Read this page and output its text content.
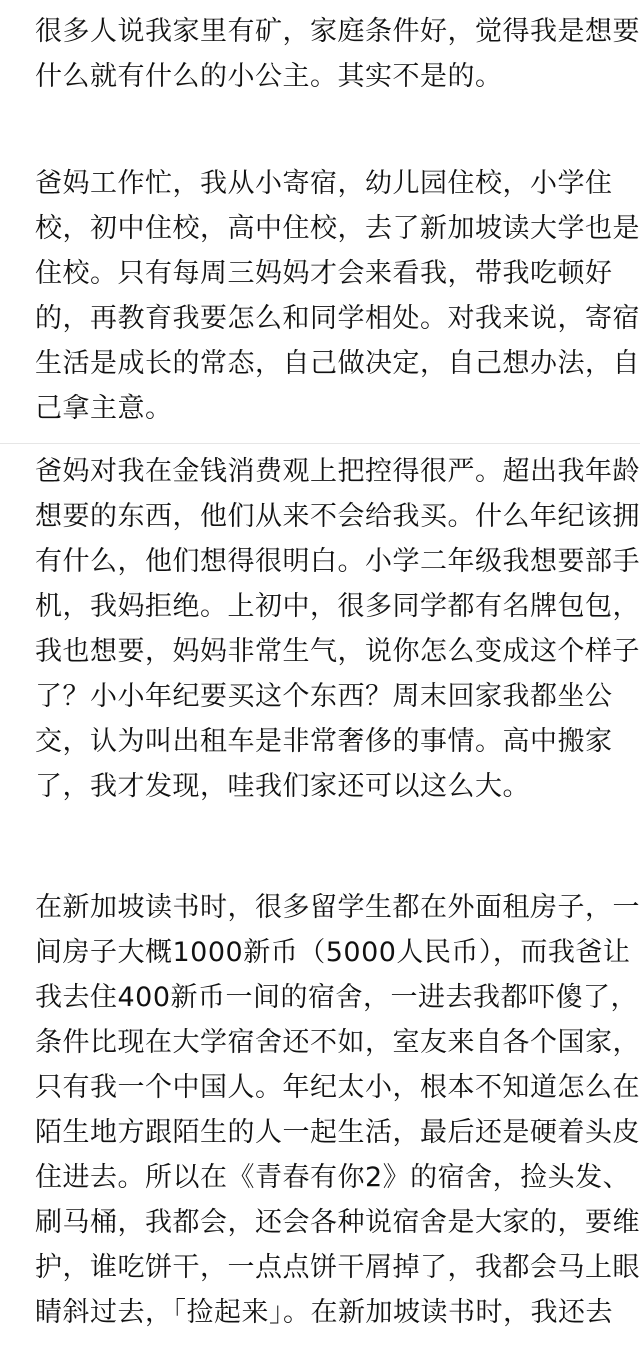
很多人说我家里有矿，家庭条件好，觉得我是想要
什么就有什么的小公主。其实不是的。
爸妈工作忙，我从小寄宿，幼儿园住校，小学住
校，初中住校，高中住校，去了新加坡读大学也是
住校。只有每周三妈妈才会来看我，带我吃顿好
的，再教育我要怎么和同学相处。对我来说，寄宿
生活是成长的常态，自己做决定，自己想办法，自
己拿主意。
爸妈对我在金钱消费观上把控得很严。超出我年龄
想要的东西，他们从来不会给我买。什么年纪该拥
有什么，他们想得很明白。小学二年级我想要部手
机，我妈拒绝。上初中，很多同学都有名牌包包，
我也想要，妈妈非常生气，说你怎么变成这个样子
了？小小年纪要买这个东西？周末回家我都坐公
交，认为叫出租车是非常奢侈的事情。高中搬家
了，我才发现，哇我们家还可以这么大。
在新加坡读书时，很多留学生都在外面租房子，一
间房子大概1000新币（5000人民币），而我爸让
我去住400新币一间的宿舍，一进去我都吓傻了，
条件比现在大学宿舍还不如，室友来自各个国家，
只有我一个中国人。年纪太小，根本不知道怎么在
陌生地方跟陌生的人一起生活，最后还是硬着头皮
住进去。所以在《青春有你2》的宿舍，捡头发、
刷马桶，我都会，还会各种说宿舍是大家的，要维
护，谁吃饼干，一点点饼干屑掉了，我都会马上眼
睛斜过去，「捡起来」。在新加坡读书时，我还去
